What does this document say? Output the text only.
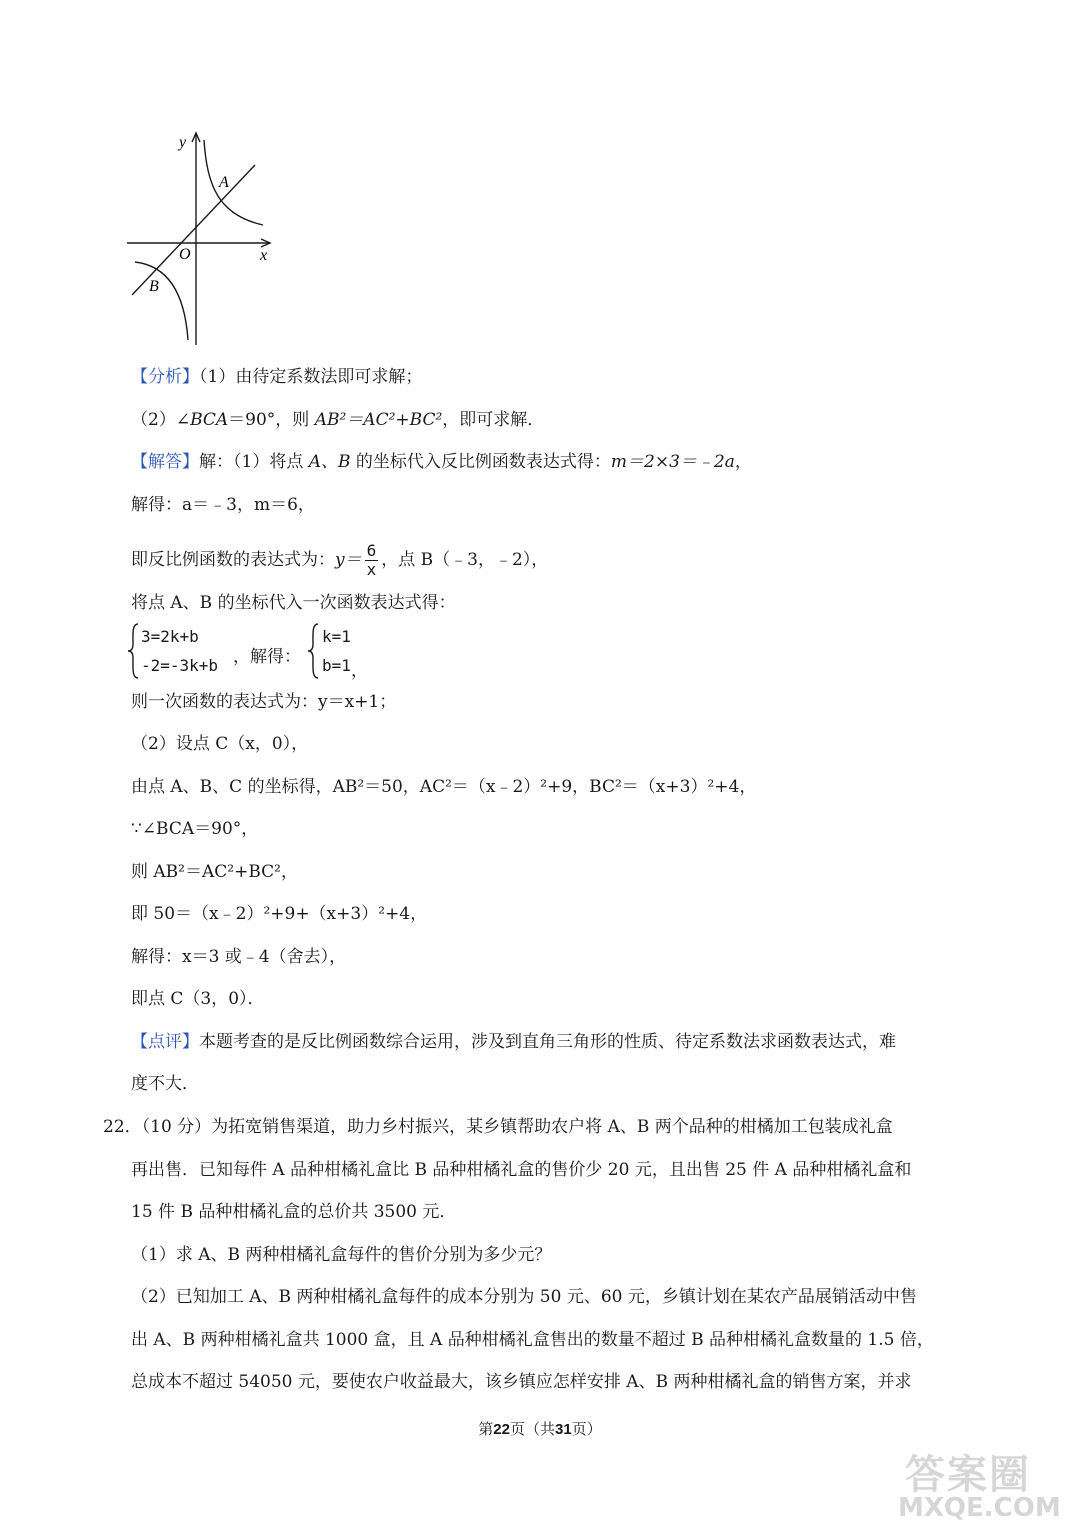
y
x
O
A
B
【分析】（1）由待定系数法即可求解；
（2）∠BCA＝90°，则 AB²＝AC²+BC²，即可求解．
【解答】解：（1）将点 A、B 的坐标代入反比例函数表达式得：m＝2×3＝﹣2a，
解得：a＝﹣3，m＝6，
即反比例函数的表达式为：$y= \frac{6}{x}$ ，点 B（﹣3，﹣2），
将点 A、B 的坐标代入一次函数表达式得：
3=2k+b
-2=-3k+b ，解得：
k=1
b=1 ，
则一次函数的表达式为：y＝x+1；
（2）设点 C（x，0），
由点 A、B、C 的坐标得，AB²＝50，AC²＝（x﹣2）²+9，BC²＝（x+3）²+4，
∵∠BCA＝90°，
则 AB²＝AC²+BC²，
即 50＝（x﹣2）²+9+（x+3）²+4，
解得：x＝3 或﹣4（舍去），
即点 C（3，0）．
【点评】本题考查的是反比例函数综合运用，涉及到直角三角形的性质、待定系数法求函数表达式，难
度不大．
22．（10 分）为拓宽销售渠道，助力乡村振兴，某乡镇帮助农户将 A、B 两个品种的柑橘加工包装成礼盒
再出售．已知每件 A 品种柑橘礼盒比 B 品种柑橘礼盒的售价少 20 元，且出售 25 件 A 品种柑橘礼盒和
15 件 B 品种柑橘礼盒的总价共 3500 元．
（1）求 A、B 两种柑橘礼盒每件的售价分别为多少元？
（2）已知加工 A、B 两种柑橘礼盒每件的成本分别为 50 元、60 元，乡镇计划在某农产品展销活动中售
出 A、B 两种柑橘礼盒共 1000 盒，且 A 品种柑橘礼盒售出的数量不超过 B 品种柑橘礼盒数量的 1.5 倍，
总成本不超过 54050 元，要使农户收益最大，该乡镇应怎样安排 A、B 两种柑橘礼盒的销售方案，并求
第22页（共31页）
答案圈
MXQE.COM
